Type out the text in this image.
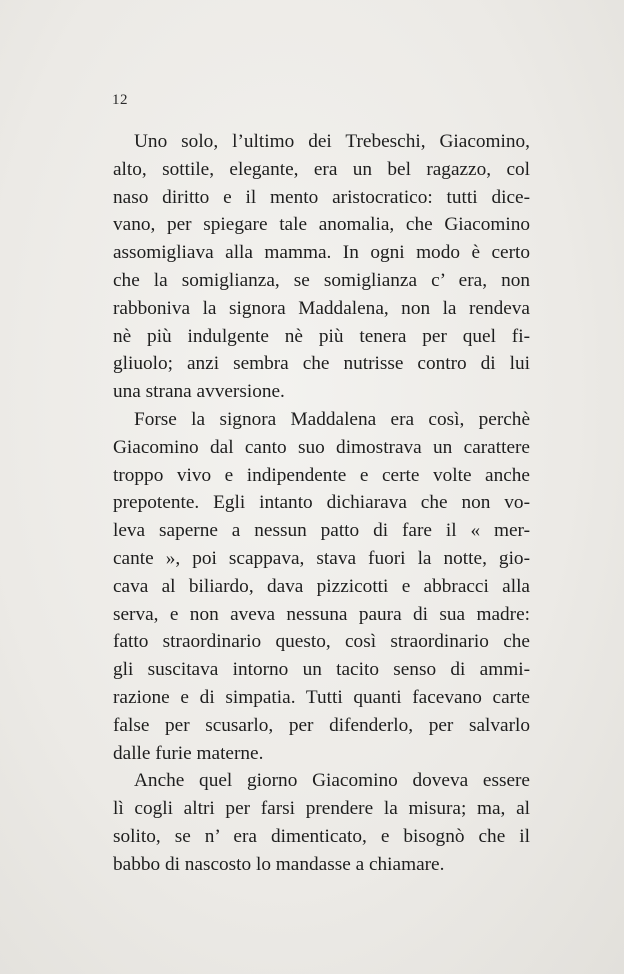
12
Uno solo, l’ultimo dei Trebeschi, Giacomino,
alto, sottile, elegante, era un bel ragazzo, col
naso diritto e il mento aristocratico: tutti dice-
vano, per spiegare tale anomalia, che Giacomino
assomigliava alla mamma. In ogni modo è certo
che la somiglianza, se somiglianza c’ era, non
rabboniva la signora Maddalena, non la rendeva
nè più indulgente nè più tenera per quel fi-
gliuolo; anzi sembra che nutrisse contro di lui
una strana avversione.
Forse la signora Maddalena era così, perchè
Giacomino dal canto suo dimostrava un carattere
troppo vivo e indipendente e certe volte anche
prepotente. Egli intanto dichiarava che non vo-
leva saperne a nessun patto di fare il « mer-
cante », poi scappava, stava fuori la notte, gio-
cava al biliardo, dava pizzicotti e abbracci alla
serva, e non aveva nessuna paura di sua madre:
fatto straordinario questo, così straordinario che
gli suscitava intorno un tacito senso di ammi-
razione e di simpatia. Tutti quanti facevano carte
false per scusarlo, per difenderlo, per salvarlo
dalle furie materne.
Anche quel giorno Giacomino doveva essere
lì cogli altri per farsi prendere la misura; ma, al
solito, se n’ era dimenticato, e bisognò che il
babbo di nascosto lo mandasse a chiamare.
